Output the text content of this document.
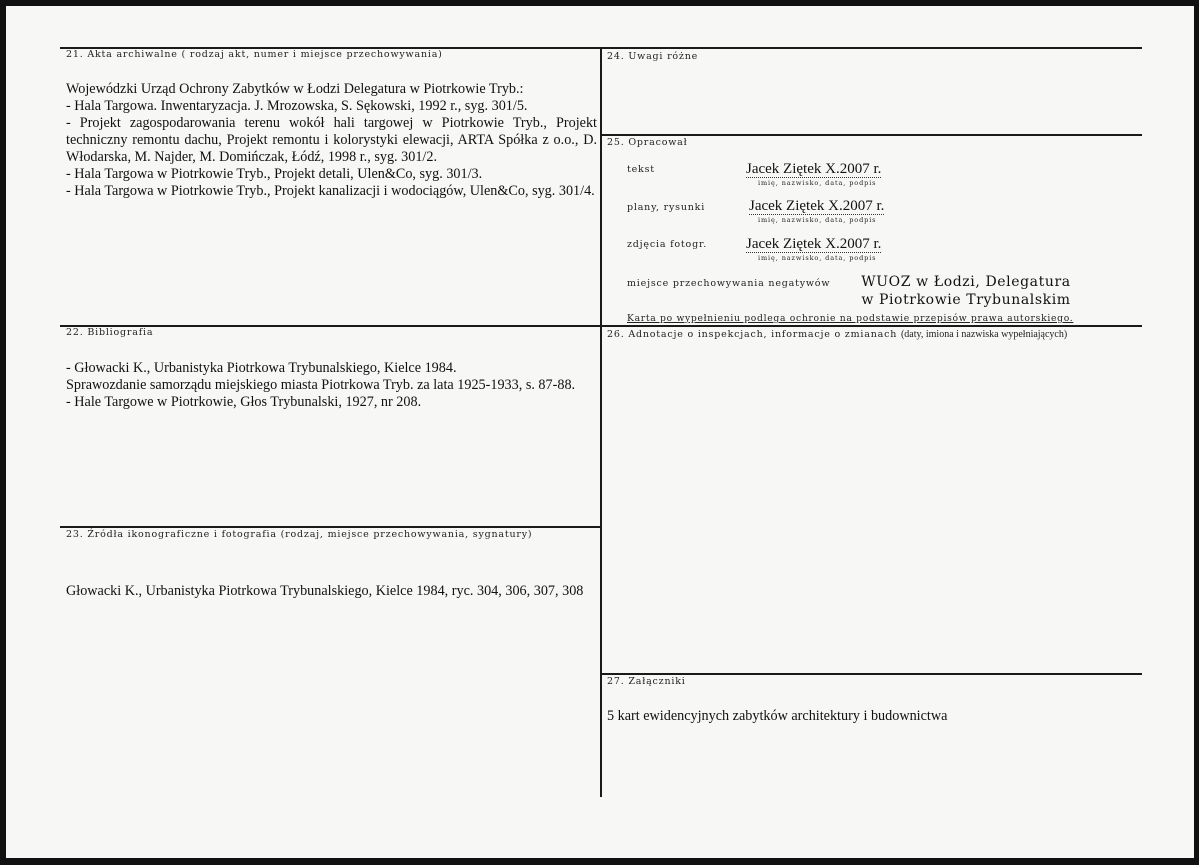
21. Akta archiwalne ( rodzaj akt, numer i miejsce przechowywania)

Wojewódzki Urząd Ochrony Zabytków w Łodzi Delegatura w Piotrkowie Tryb.:

- Hala Targowa. Inwentaryzacja. J. Mrozowska, S. Sękowski, 1992 r., syg. 301/5.

- Projekt zagospodarowania terenu wokół hali targowej w Piotrkowie Tryb., Projekt techniczny remontu dachu, Projekt remontu i kolorystyki elewacji, ARTA Spółka z o.o., D. Włodarska, M. Najder, M. Domińczak, Łódź, 1998 r., syg. 301/2.

- Hala Targowa w Piotrkowie Tryb., Projekt detali, Ulen&Co, syg. 301/3.

- Hala Targowa w Piotrkowie Tryb., Projekt kanalizacji i wodociągów, Ulen&Co, syg. 301/4.

22. Bibliografia

- Głowacki K., Urbanistyka Piotrkowa Trybunalskiego, Kielce 1984.

Sprawozdanie samorządu miejskiego miasta Piotrkowa Tryb. za lata 1925-1933, s. 87-88.

- Hale Targowe w Piotrkowie, Głos Trybunalski, 1927, nr 208.

23. Źródła ikonograficzne i fotografia (rodzaj, miejsce przechowywania, sygnatury)

Głowacki K., Urbanistyka Piotrkowa Trybunalskiego, Kielce 1984, ryc. 304, 306, 307, 308

24. Uwagi różne
25. Opracował
tekst	Jacek Ziętek X.2007 r.
imię, nazwisko, data, podpis
plany, rysunki	Jacek Ziętek X.2007 r.
imię, nazwisko, data, podpis
zdjęcia fotogr.	Jacek Ziętek X.2007 r.
imię, nazwisko, data, podpis
miejsce przechowywania negatywów	WUOZ w Łodzi, Delegatura
w Piotrkowie Trybunalskim
Karta po wypełnieniu podlega ochronie na podstawie przepisów prawa autorskiego.
26. Adnotacje o inspekcjach, informacje o zmianach (daty, imiona i nazwiska wypełniających)
27. Załączniki

5 kart ewidencyjnych zabytków architektury i budownictwa
